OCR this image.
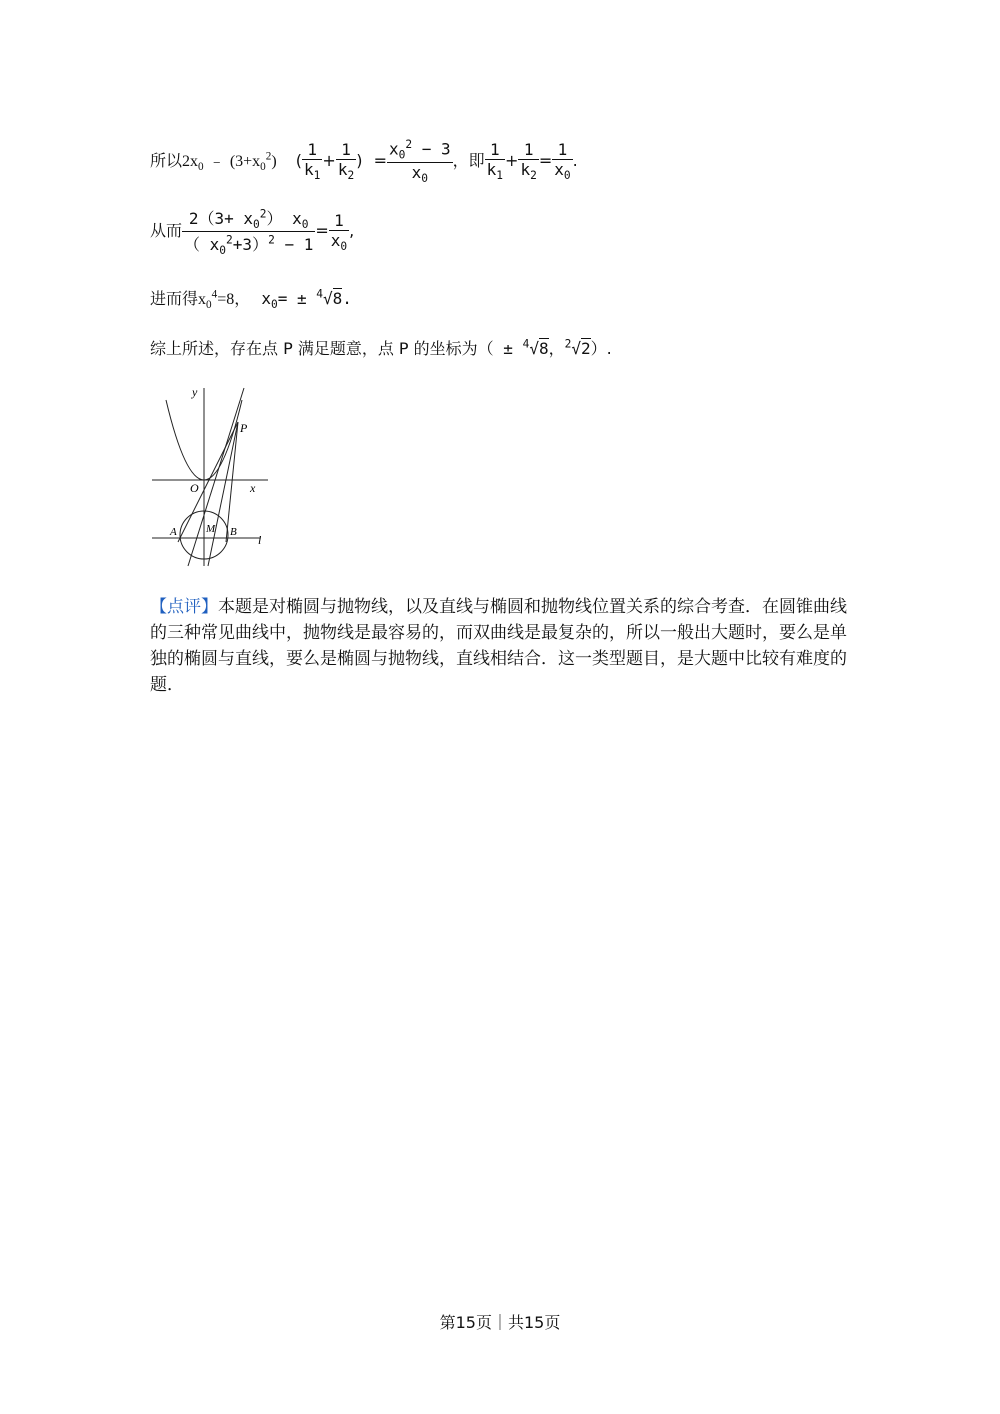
所以$2x_0$ ﹣ $(3+x_0^2)$ ( $\frac{1}{k_1} + \frac{1}{k_2}$ ) = $\frac{x_0^2 - 3}{x_0}$ ，即 $\frac{1}{k_1} + \frac{1}{k_2} = \frac{1}{x_0}$ .
从而 $\frac{2(3+ x_0^2) x_0}{( x_0^2+3)^2 - 1} = \frac{1}{x_0}$ ,
进而得$x_0^4=8$， $x_0= \pm ^4√8$.
综上所述，存在点 P 满足题意，点 P 的坐标为（ ± $^4$√8，$^2$√2）.
y
x
O
P
A	M B
l
【点评】本题是对椭圆与抛物线，以及直线与椭圆和抛物线位置关系的综合考查．在圆锥曲线的三种常见曲线中，抛物线是最容易的，而双曲线是最复杂的，所以一般出大题时，要么是单独的椭圆与直线，要么是椭圆与抛物线，直线相结合．这一类型题目，是大题中比较有难度的题．
第15页｜共15页
